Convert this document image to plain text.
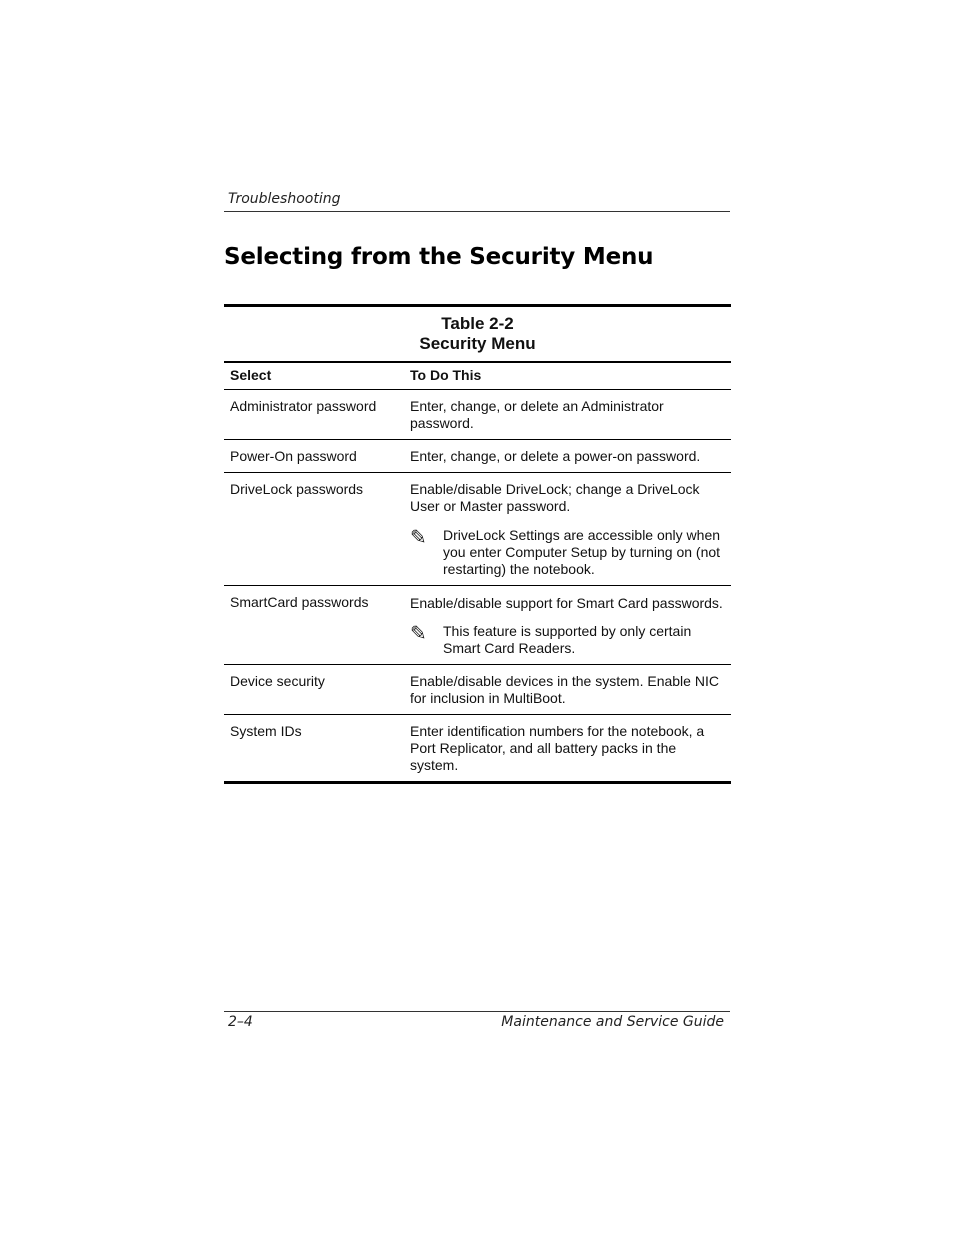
Troubleshooting
Selecting from the Security Menu
Table 2-2
Security Menu
Select	To Do This
Administrator password	Enter, change, or delete an Administrator password.
Power-On password	Enter, change, or delete a power-on password.
DriveLock passwords	Enable/disable DriveLock; change a DriveLock User or Master password.
✎	DriveLock Settings are accessible only when you enter Computer Setup by turning on (not restarting) the notebook.
SmartCard passwords	Enable/disable support for Smart Card passwords.
✎	This feature is supported by only certain Smart Card Readers.
Device security	Enable/disable devices in the system. Enable NIC for inclusion in MultiBoot.
System IDs	Enter identification numbers for the notebook, a Port Replicator, and all battery packs in the system.
2–4	Maintenance and Service Guide
